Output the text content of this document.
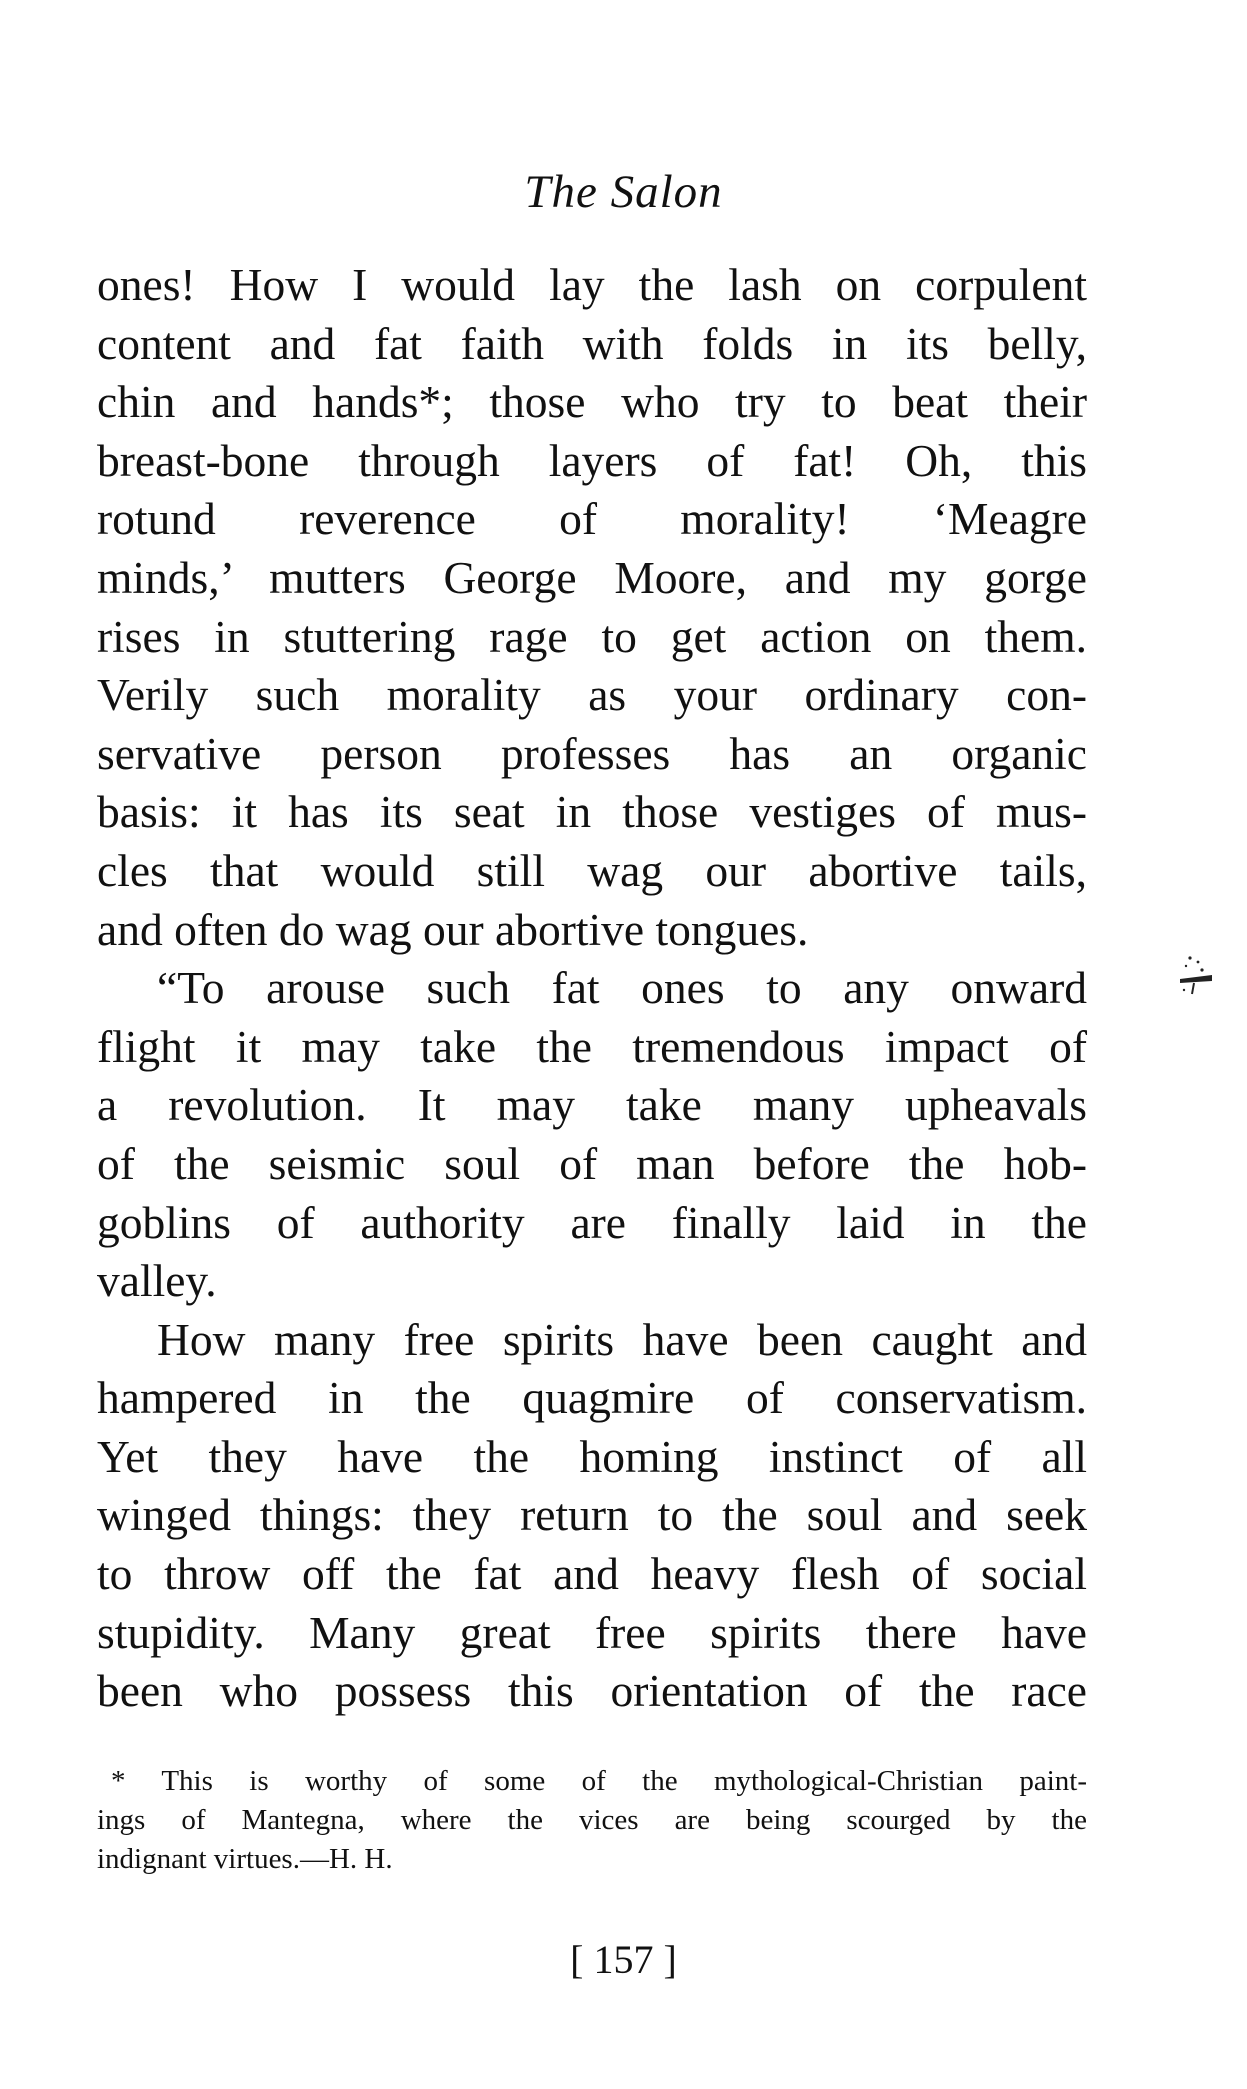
The Salon
ones! How I would lay the lash on corpulent
content and fat faith with folds in its belly,
chin and hands*; those who try to beat their
breast-bone through layers of fat! Oh, this
rotund reverence of morality! ‘Meagre
minds,’ mutters George Moore, and my gorge
rises in stuttering rage to get action on them.
Verily such morality as your ordinary con-
servative person professes has an organic
basis: it has its seat in those vestiges of mus-
cles that would still wag our abortive tails,
and often do wag our abortive tongues.
“To arouse such fat ones to any onward
flight it may take the tremendous impact of
a revolution. It may take many upheavals
of the seismic soul of man before the hob-
goblins of authority are finally laid in the
valley.
How many free spirits have been caught and
hampered in the quagmire of conservatism.
Yet they have the homing instinct of all
winged things: they return to the soul and seek
to throw off the fat and heavy flesh of social
stupidity. Many great free spirits there have
been who possess this orientation of the race
* This is worthy of some of the mythological-Christian paint-
ings of Mantegna, where the vices are being scourged by the
indignant virtues.—H. H.
[ 157 ]
